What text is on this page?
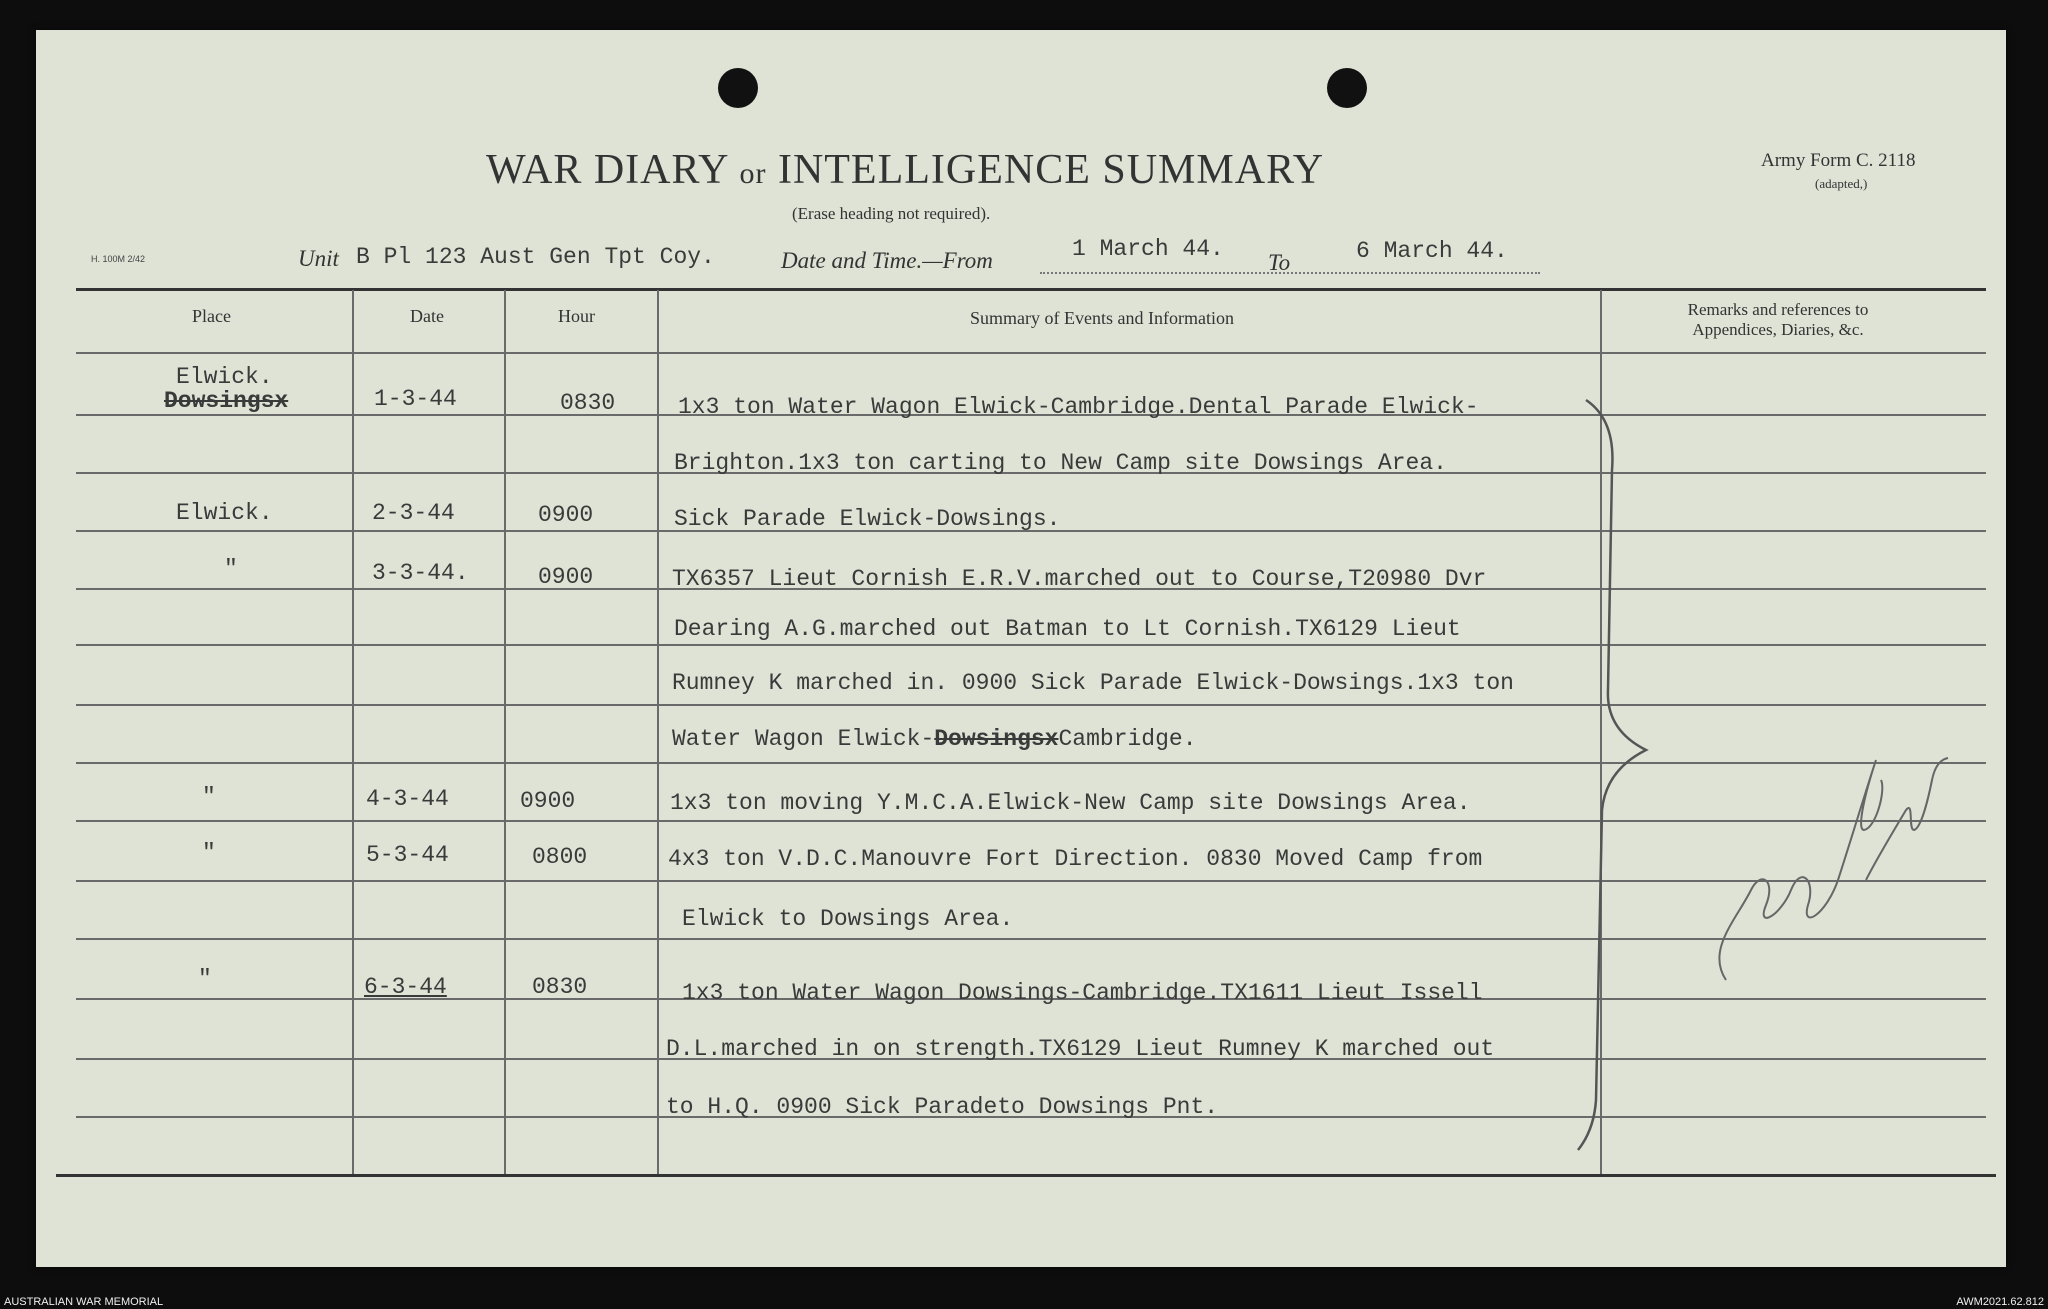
WAR DIARY or INTELLIGENCE SUMMARY
(Erase heading not required).
Army Form C. 2118
(adapted,)
H. 100M 2/42	Unit B Pl 123 Aust Gen Tpt Coy.	Date and Time.—From	1 March 44.
To	6 March 44.
Place	Date	Hour	Summary of Events and Information	Remarks and references to
Appendices, Diaries, &c.
Elwick.
Dowsingsx	1-3-44	0830	1x3 ton Water Wagon Elwick-Cambridge.Dental Parade Elwick-
Brighton.1x3 ton carting to New Camp site Dowsings Area.
Elwick.	2-3-44	0900	Sick Parade Elwick-Dowsings.
"	3-3-44.	0900	TX6357 Lieut Cornish E.R.V.marched out to Course,T20980 Dvr
Dearing A.G.marched out Batman to Lt Cornish.TX6129 Lieut
Rumney K marched in. 0900 Sick Parade Elwick-Dowsings.1x3 ton
Water Wagon Elwick-DowsingsxCambridge.
"	4-3-44	0900	1x3 ton moving Y.M.C.A.Elwick-New Camp site Dowsings Area.
"	5-3-44	0800	4x3 ton V.D.C.Manouvre Fort Direction. 0830 Moved Camp from
Elwick to Dowsings Area.
"	6-3-44	0830	1x3 ton Water Wagon Dowsings-Cambridge.TX1611 Lieut Issell
D.L.marched in on strength.TX6129 Lieut Rumney K marched out
to H.Q. 0900 Sick Paradeto Dowsings Pnt.
AUSTRALIAN WAR MEMORIAL	AWM2021.62.812
